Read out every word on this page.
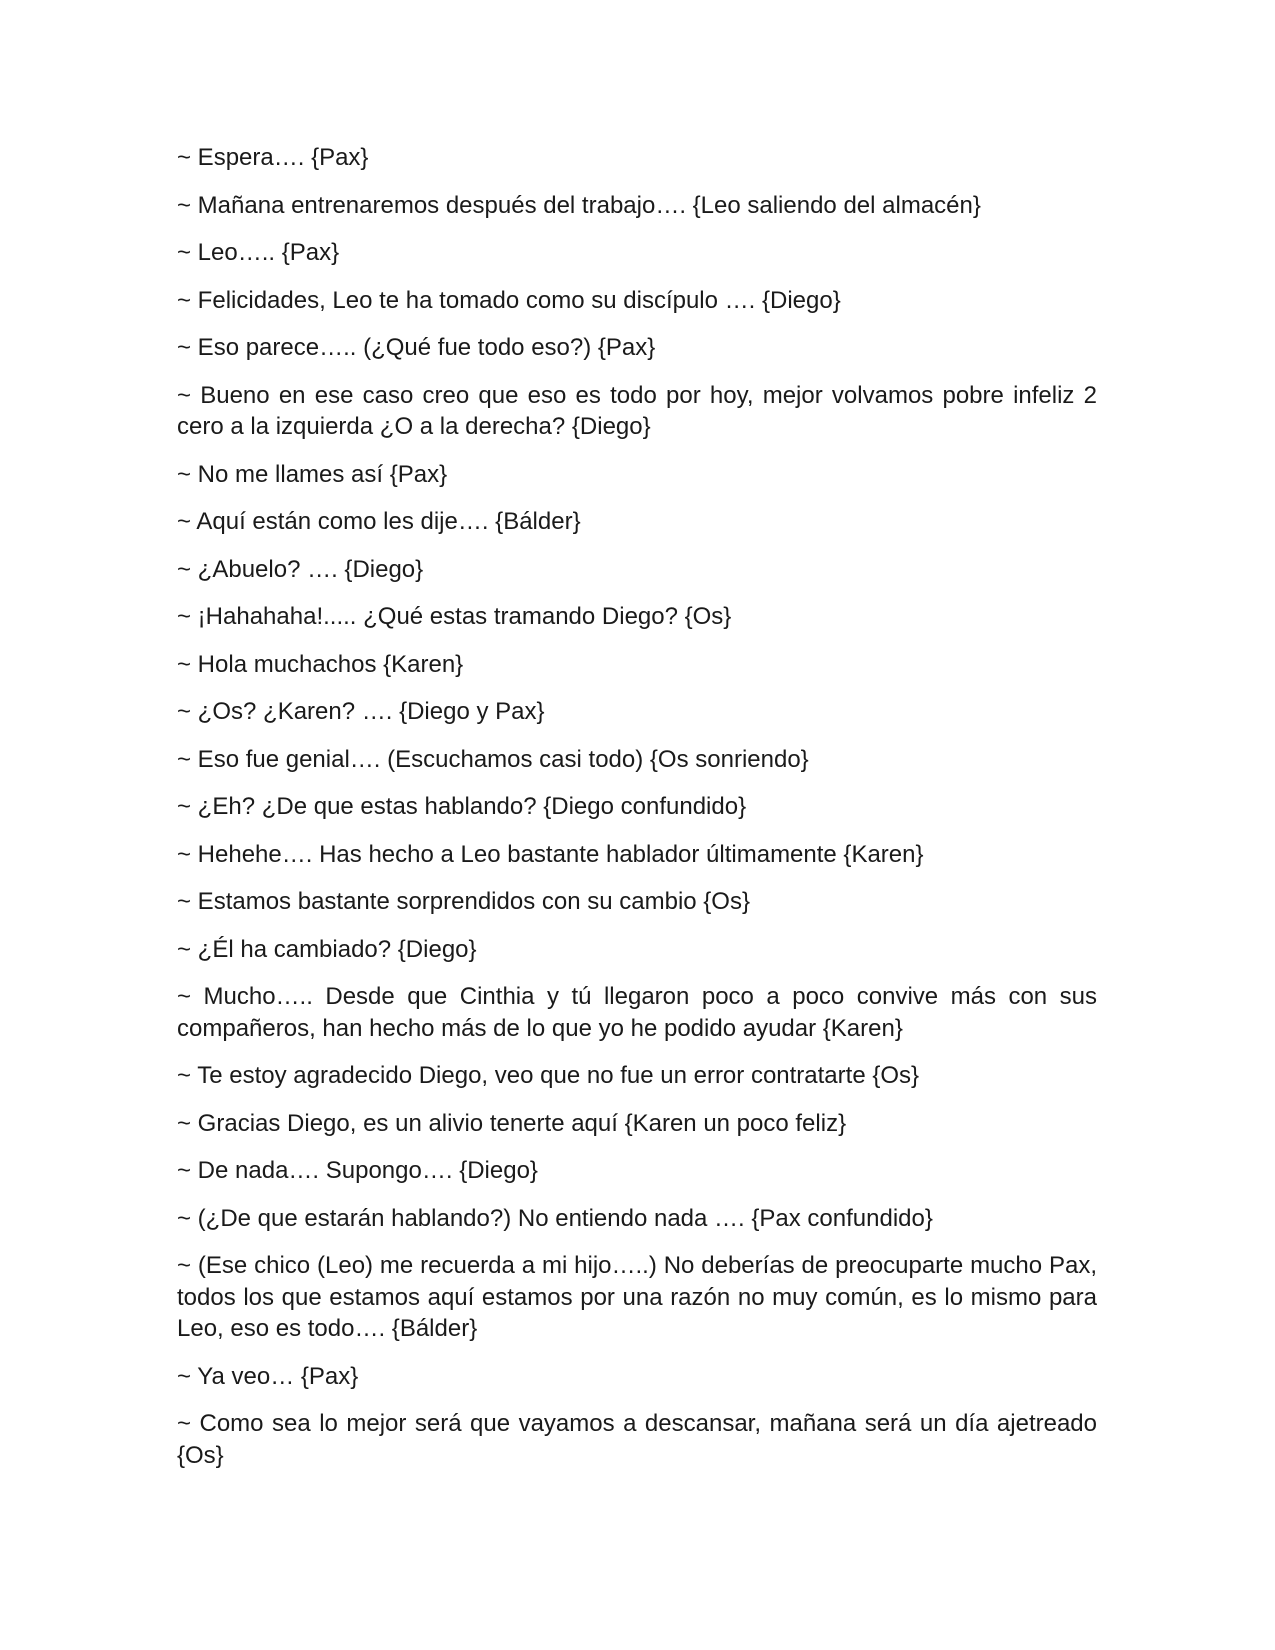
~ Espera…. {Pax}

~ Mañana entrenaremos después del trabajo…. {Leo saliendo del almacén}

~ Leo….. {Pax}

~ Felicidades, Leo te ha tomado como su discípulo …. {Diego}

~ Eso parece….. (¿Qué fue todo eso?) {Pax}

~ Bueno en ese caso creo que eso es todo por hoy, mejor volvamos pobre infeliz 2 cero a la izquierda ¿O a la derecha? {Diego}

~ No me llames así {Pax}

~ Aquí están como les dije…. {Bálder}

~ ¿Abuelo? …. {Diego}

~ ¡Hahahaha!..... ¿Qué estas tramando Diego? {Os}

~ Hola muchachos {Karen}

~ ¿Os? ¿Karen? …. {Diego y Pax}

~ Eso fue genial…. (Escuchamos casi todo) {Os sonriendo}

~ ¿Eh? ¿De que estas hablando? {Diego confundido}

~ Hehehe…. Has hecho a Leo bastante hablador últimamente {Karen}

~ Estamos bastante sorprendidos con su cambio {Os}

~ ¿Él ha cambiado? {Diego}

~ Mucho….. Desde que Cinthia y tú llegaron poco a poco convive más con sus compañeros, han hecho más de lo que yo he podido ayudar {Karen}

~ Te estoy agradecido Diego, veo que no fue un error contratarte {Os}

~ Gracias Diego, es un alivio tenerte aquí {Karen un poco feliz}

~ De nada…. Supongo…. {Diego}

~ (¿De que estarán hablando?) No entiendo nada …. {Pax confundido}

~ (Ese chico (Leo) me recuerda a mi hijo…..) No deberías de preocuparte mucho Pax, todos los que estamos aquí estamos por una razón no muy común, es lo mismo para Leo, eso es todo…. {Bálder}

~ Ya veo… {Pax}

~ Como sea lo mejor será que vayamos a descansar, mañana será un día ajetreado {Os}
